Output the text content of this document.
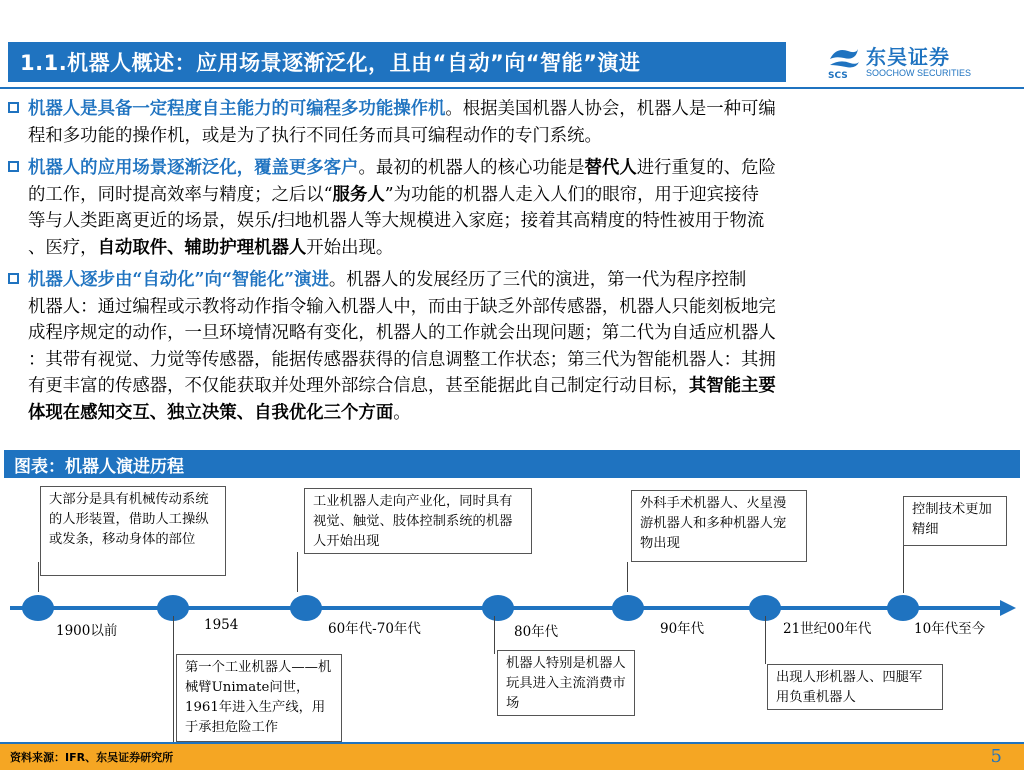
1.1.机器人概述：应用场景逐渐泛化，且由“自动”向“智能”演进
SCS
东吴证券
SOOCHOW SECURITIES
机器人是具备一定程度自主能力的可编程多功能操作机。根据美国机器人协会，机器人是一种可编
程和多功能的操作机，或是为了执行不同任务而具可编程动作的专门系统。
机器人的应用场景逐渐泛化，覆盖更多客户。最初的机器人的核心功能是替代人进行重复的、危险
的工作，同时提高效率与精度；之后以“服务人”为功能的机器人走入人们的眼帘，用于迎宾接待
等与人类距离更近的场景，娱乐/扫地机器人等大规模进入家庭；接着其高精度的特性被用于物流
、医疗，自动取件、辅助护理机器人开始出现。
机器人逐步由“自动化”向“智能化”演进。机器人的发展经历了三代的演进，第一代为程序控制
机器人：通过编程或示教将动作指令输入机器人中，而由于缺乏外部传感器，机器人只能刻板地完
成程序规定的动作，一旦环境情况略有变化，机器人的工作就会出现问题；第二代为自适应机器人
：其带有视觉、力觉等传感器，能据传感器获得的信息调整工作状态；第三代为智能机器人：其拥
有更丰富的传感器，不仅能获取并处理外部综合信息，甚至能据此自己制定行动目标，其智能主要
体现在感知交互、独立决策、自我优化三个方面。
图表：机器人演进历程
大部分是具有机械传动系统的人形装置，借助人工操纵或发条，移动身体的部位
工业机器人走向产业化，同时具有视觉、触觉、肢体控制系统的机器人开始出现
外科手术机器人、火星漫游机器人和多种机器人宠物出现
控制技术更加精细
1900以前	1954	60年代-70年代	80年代	90年代	21世纪00年代	10年代至今
第一个工业机器人——机械臂Unimate问世，1961年进入生产线，用于承担危险工作
机器人特别是机器人玩具进入主流消费市场
出现人形机器人、四腿军用负重机器人
资料来源：IFR、东吴证券研究所	5
